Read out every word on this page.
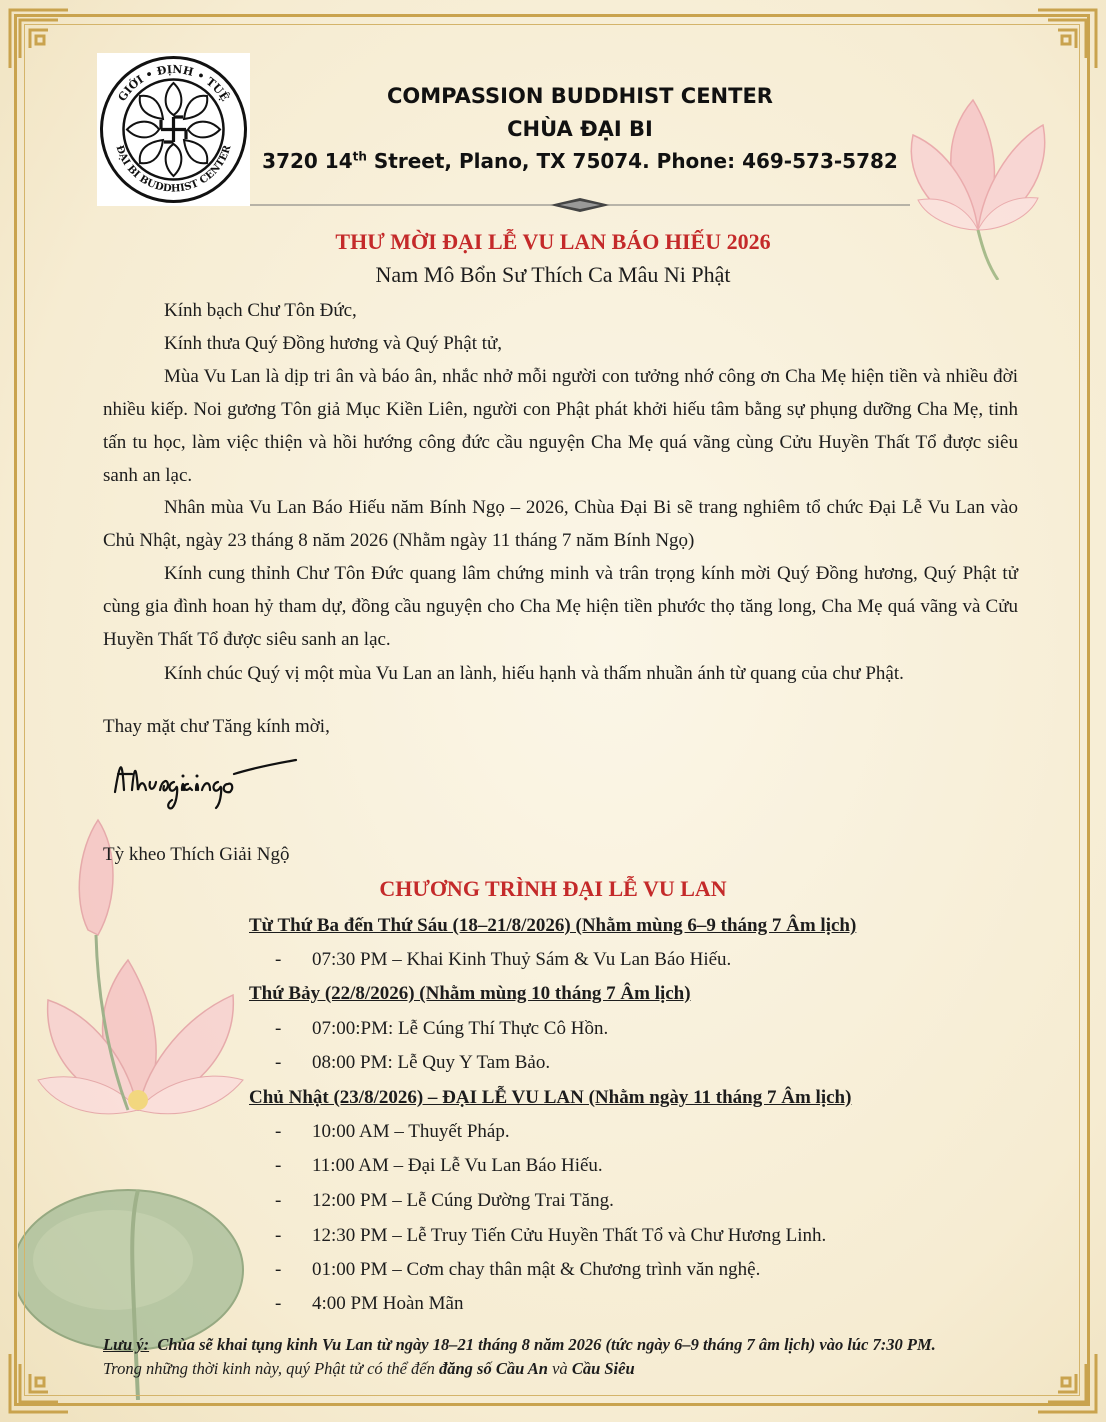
GIỚI • ĐỊNH • TUỆ
ĐẠI BI BUDDHIST CENTER
COMPASSION BUDDHIST CENTER
CHÙA ĐẠI BI
3720 14th Street, Plano, TX 75074. Phone: 469-573-5782
THƯ MỜI ĐẠI LỄ VU LAN BÁO HIẾU 2026
Nam Mô Bổn Sư Thích Ca Mâu Ni Phật
Kính bạch Chư Tôn Đức,
Kính thưa Quý Đồng hương và Quý Phật tử,
Mùa Vu Lan là dịp tri ân và báo ân, nhắc nhở mỗi người con tưởng nhớ công ơn Cha Mẹ hiện tiền và nhiều đời nhiều kiếp. Noi gương Tôn giả Mục Kiền Liên, người con Phật phát khởi hiếu tâm bằng sự phụng dưỡng Cha Mẹ, tinh tấn tu học, làm việc thiện và hồi hướng công đức cầu nguyện Cha Mẹ quá vãng cùng Cửu Huyền Thất Tổ được siêu sanh an lạc.
Nhân mùa Vu Lan Báo Hiếu năm Bính Ngọ – 2026, Chùa Đại Bi sẽ trang nghiêm tổ chức Đại Lễ Vu Lan vào Chủ Nhật, ngày 23 tháng 8 năm 2026 (Nhằm ngày 11 tháng 7 năm Bính Ngọ)
Kính cung thỉnh Chư Tôn Đức quang lâm chứng minh và trân trọng kính mời Quý Đồng hương, Quý Phật tử cùng gia đình hoan hỷ tham dự, đồng cầu nguyện cho Cha Mẹ hiện tiền phước thọ tăng long, Cha Mẹ quá vãng và Cửu Huyền Thất Tổ được siêu sanh an lạc.
Kính chúc Quý vị một mùa Vu Lan an lành, hiếu hạnh và thấm nhuần ánh từ quang của chư Phật.
Thay mặt chư Tăng kính mời,
Tỳ kheo Thích Giải Ngộ
CHƯƠNG TRÌNH ĐẠI LỄ VU LAN
Từ Thứ Ba đến Thứ Sáu (18–21/8/2026) (Nhằm mùng 6–9 tháng 7 Âm lịch)
- 07:30 PM – Khai Kinh Thuỷ Sám & Vu Lan Báo Hiếu.
Thứ Bảy (22/8/2026) (Nhằm mùng 10 tháng 7 Âm lịch)
- 07:00:PM: Lễ Cúng Thí Thực Cô Hồn.
- 08:00 PM: Lễ Quy Y Tam Bảo.
Chủ Nhật (23/8/2026) – ĐẠI LỄ VU LAN (Nhằm ngày 11 tháng 7 Âm lịch)
- 10:00 AM – Thuyết Pháp.
- 11:00 AM – Đại Lễ Vu Lan Báo Hiếu.
- 12:00 PM – Lễ Cúng Dường Trai Tăng.
- 12:30 PM – Lễ Truy Tiến Cửu Huyền Thất Tổ và Chư Hương Linh.
- 01:00 PM – Cơm chay thân mật & Chương trình văn nghệ.
- 4:00 PM Hoàn Mãn
Lưu ý: Chùa sẽ khai tụng kinh Vu Lan từ ngày 18–21 tháng 8 năm 2026 (tức ngày 6–9 tháng 7 âm lịch) vào lúc 7:30 PM.
Trong những thời kinh này, quý Phật tử có thể đến đăng số Cầu An và Cầu Siêu
